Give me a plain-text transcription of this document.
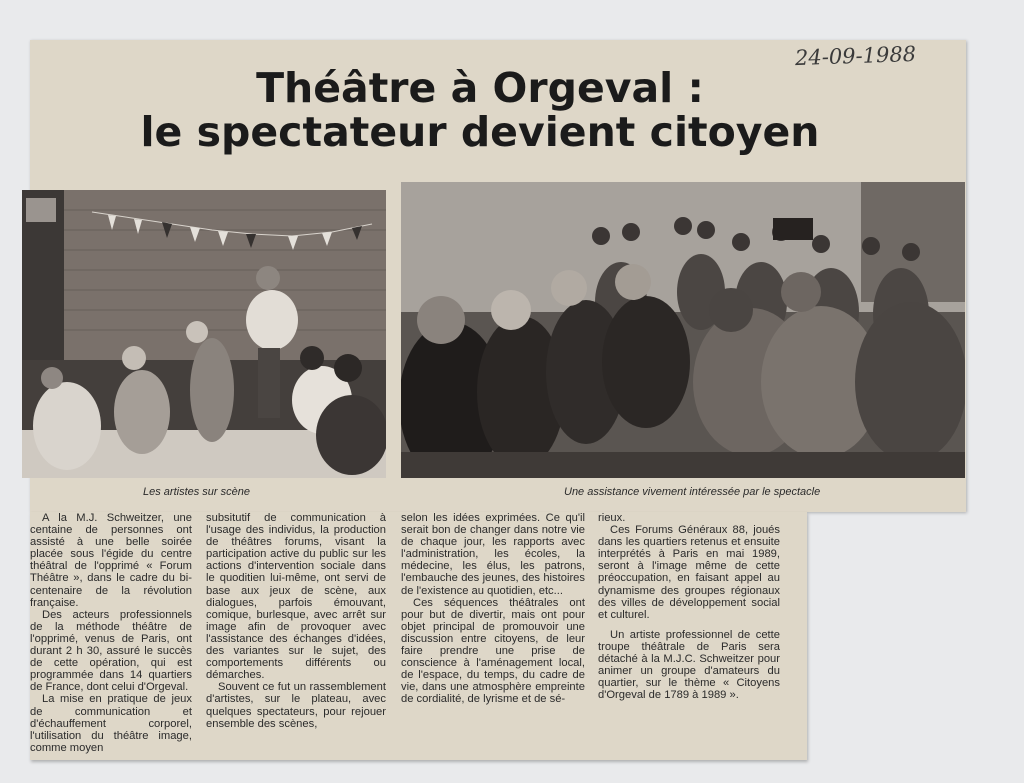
24-09-1988
Théâtre à Orgeval :
le spectateur devient citoyen
Les artistes sur scène	Une assistance vivement intéressée par le spectacle

A la M.J. Schweitzer, une centaine de personnes ont assisté à une belle soirée placée sous l'égide du centre théâtral de l'opprimé « Forum Théâtre », dans le cadre du bi-centenaire de la révolution française.

Des acteurs professionnels de la méthode théâtre de l'opprimé, venus de Paris, ont durant 2 h 30, assuré le succès de cette opération, qui est programmée dans 14 quartiers de France, dont celui d'Orgeval.

La mise en pratique de jeux de communication et d'échauffement corporel, l'utilisation du théâtre image, comme moyen

subsitutif de communication à l'usage des individus, la production de théâtres forums, visant la participation active du public sur les actions d'intervention sociale dans le quoditien lui-même, ont servi de base aux jeux de scène, aux dialogues, parfois émouvant, comique, burlesque, avec arrêt sur image afin de provoquer avec l'assistance des échanges d'idées, des variantes sur le sujet, des comportements différents ou démarches.

Souvent ce fut un rassemblement d'artistes, sur le plateau, avec quelques spectateurs, pour rejouer ensemble des scènes,

selon les idées exprimées. Ce qu'il serait bon de changer dans notre vie de chaque jour, les rapports avec l'administration, les écoles, la médecine, les élus, les patrons, l'embauche des jeunes, des histoires de l'existence au quotidien, etc...

Ces séquences théâtrales ont pour but de divertir, mais ont pour objet principal de promouvoir une discussion entre citoyens, de leur faire prendre une prise de conscience à l'aménagement local, de l'espace, du temps, du cadre de vie, dans une atmosphère empreinte de cordialité, de lyrisme et de sé-

rieux.

Ces Forums Généraux 88, joués dans les quartiers retenus et ensuite interprétés à Paris en mai 1989, seront à l'image même de cette préoccupation, en faisant appel au dynamisme des groupes régionaux des villes de développement social et culturel.

Un artiste professionnel de cette troupe théâtrale de Paris sera détaché à la M.J.C. Schweitzer pour animer un groupe d'amateurs du quartier, sur le thème « Citoyens d'Orgeval de 1789 à 1989 ».
